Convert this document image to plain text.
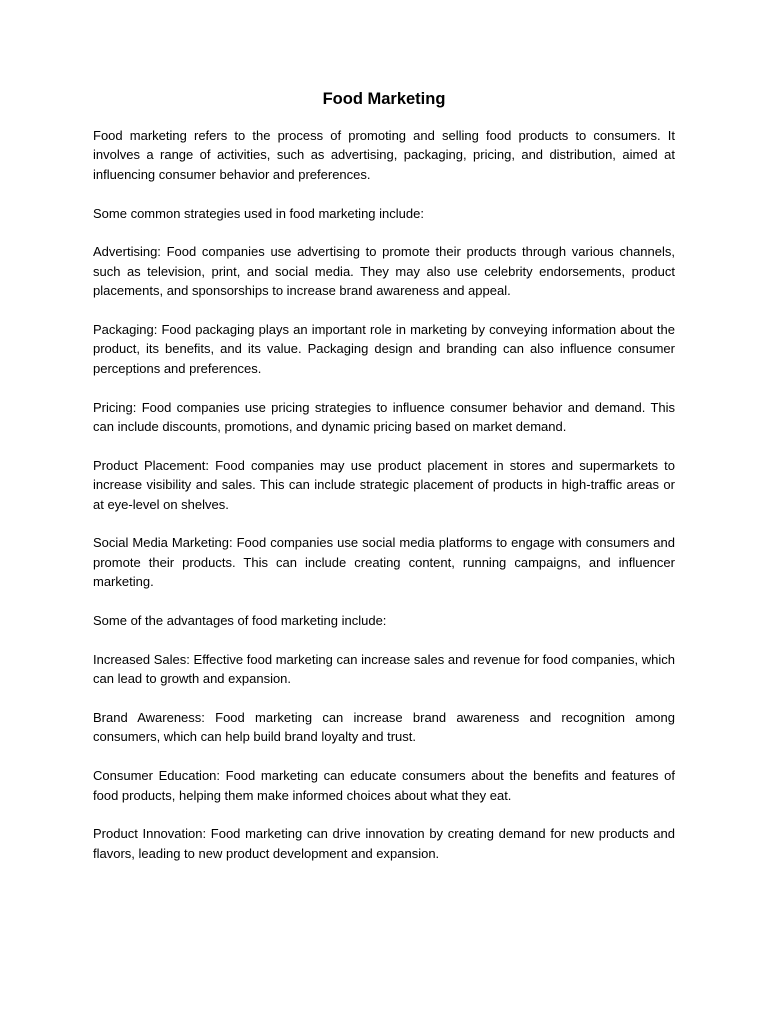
Food Marketing

Food marketing refers to the process of promoting and selling food products to consumers. It involves a range of activities, such as advertising, packaging, pricing, and distribution, aimed at influencing consumer behavior and preferences.

Some common strategies used in food marketing include:

Advertising: Food companies use advertising to promote their products through various channels, such as television, print, and social media. They may also use celebrity endorsements, product placements, and sponsorships to increase brand awareness and appeal.

Packaging: Food packaging plays an important role in marketing by conveying information about the product, its benefits, and its value. Packaging design and branding can also influence consumer perceptions and preferences.

Pricing: Food companies use pricing strategies to influence consumer behavior and demand. This can include discounts, promotions, and dynamic pricing based on market demand.

Product Placement: Food companies may use product placement in stores and supermarkets to increase visibility and sales. This can include strategic placement of products in high-traffic areas or at eye-level on shelves.

Social Media Marketing: Food companies use social media platforms to engage with consumers and promote their products. This can include creating content, running campaigns, and influencer marketing.

Some of the advantages of food marketing include:

Increased Sales: Effective food marketing can increase sales and revenue for food companies, which can lead to growth and expansion.

Brand Awareness: Food marketing can increase brand awareness and recognition among consumers, which can help build brand loyalty and trust.

Consumer Education: Food marketing can educate consumers about the benefits and features of food products, helping them make informed choices about what they eat.

Product Innovation: Food marketing can drive innovation by creating demand for new products and flavors, leading to new product development and expansion.
